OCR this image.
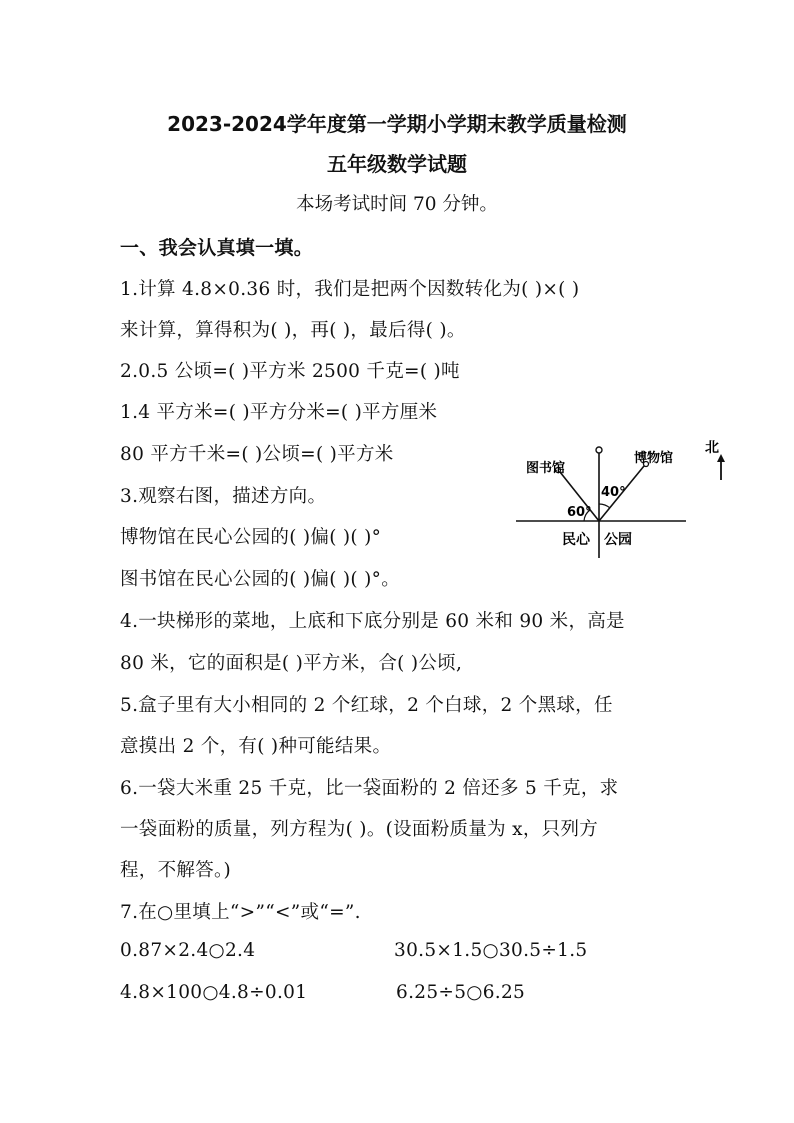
2023-2024学年度第一学期小学期末教学质量检测
五年级数学试题
本场考试时间 70 分钟。
一、我会认真填一填。
1.计算 4.8×0.36 时，我们是把两个因数转化为( )×( )
来计算，算得积为( )，再( )，最后得( )。
2.0.5 公顷=( )平方米 2500 千克=( )吨
1.4 平方米=( )平方分米=( )平方厘米
80 平方千米=( )公顷=( )平方米
3.观察右图，描述方向。
博物馆在民心公园的( )偏( )( )°
图书馆在民心公园的( )偏( )( )°。
4.一块梯形的菜地，上底和下底分别是 60 米和 90 米，高是
80 米，它的面积是( )平方米，合( )公顷,
5.盒子里有大小相同的 2 个红球，2 个白球，2 个黑球，任
意摸出 2 个，有( )种可能结果。
6.一袋大米重 25 千克，比一袋面粉的 2 倍还多 5 千克，求
一袋面粉的质量，列方程为( )。(设面粉质量为 x，只列方
程，不解答。)
7.在○里填上“>”“<”或“=”.
0.87×2.4○2.4	30.5×1.5○30.5÷1.5
4.8×100○4.8÷0.01	6.25÷5○6.25
图书馆
博物馆
60°
40°
民心 公园
北
